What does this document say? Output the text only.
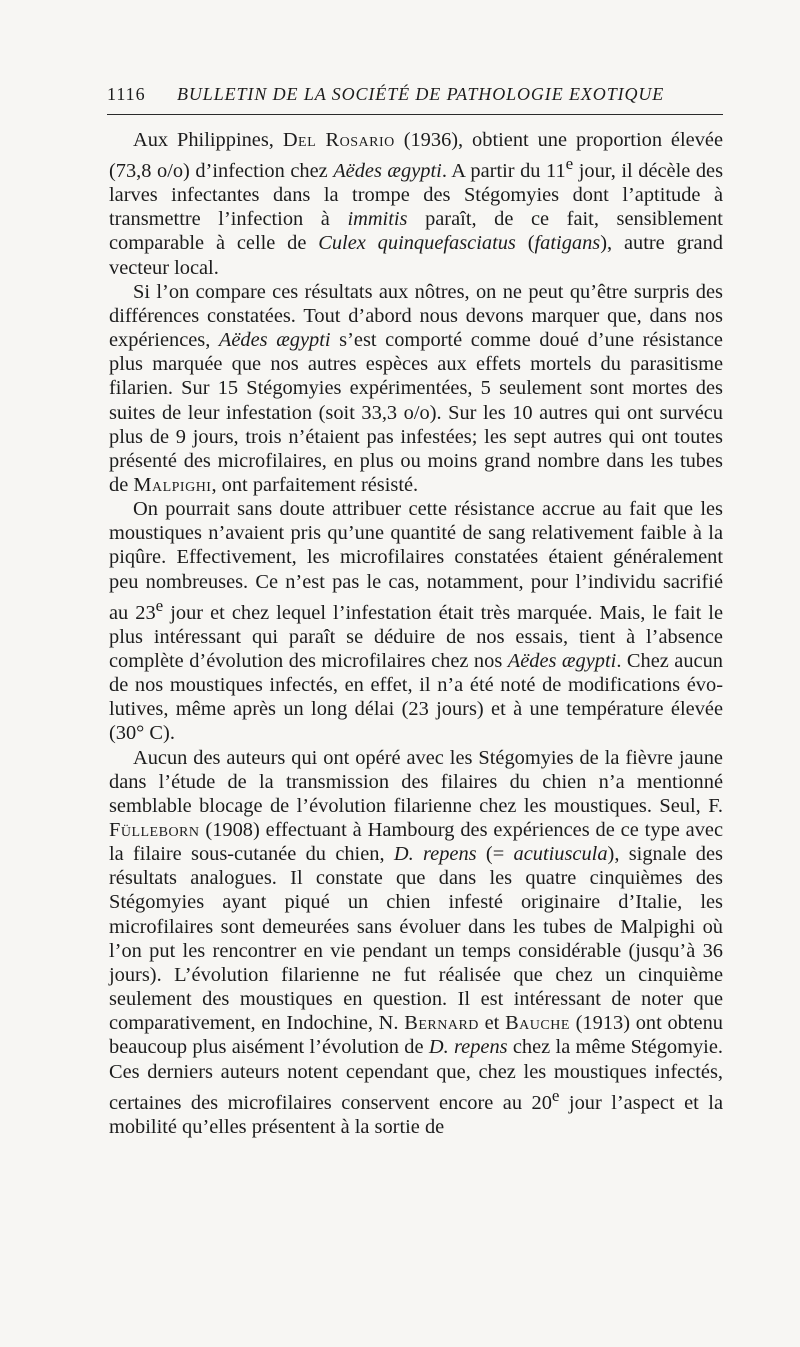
1116 BULLETIN DE LA SOCIÉTÉ DE PATHOLOGIE EXOTIQUE

Aux Philippines, Del Rosario (1936), obtient une proportion élevée (73,8 o/o) d’infection chez Aëdes ægypti. A partir du 11e jour, il décèle des larves infectantes dans la trompe des Stégomyies dont l’aptitude à transmettre l’infection à immitis paraît, de ce fait, sensiblement comparable à celle de Culex quinquefasciatus (fatigans), autre grand vecteur local.

Si l’on compare ces résultats aux nôtres, on ne peut qu’être surpris des différences constatées. Tout d’abord nous devons marquer que, dans nos expériences, Aëdes ægypti s’est comporté comme doué d’une résistance plus marquée que nos autres espèces aux effets mortels du parasitisme filarien. Sur 15 Stégomyies expérimentées, 5 seulement sont mortes des suites de leur infestation (soit 33,3 o/o). Sur les 10 autres qui ont survécu plus de 9 jours, trois n’étaient pas infestées; les sept autres qui ont toutes présenté des microfilaires, en plus ou moins grand nombre dans les tubes de Malpighi, ont parfaitement résisté.

On pourrait sans doute attribuer cette résistance accrue au fait que les moustiques n’avaient pris qu’une quantité de sang relativement faible à la piqûre. Effectivement, les microfilaires constatées étaient généralement peu nombreuses. Ce n’est pas le cas, notamment, pour l’individu sacrifié au 23e jour et chez lequel l’infestation était très marquée. Mais, le fait le plus intéressant qui paraît se déduire de nos essais, tient à l’absence complète d’évolution des microfilaires chez nos Aëdes ægypti. Chez aucun de nos moustiques infectés, en effet, il n’a été noté de modifications évolutives, même après un long délai (23 jours) et à une température élevée (30° C).

Aucun des auteurs qui ont opéré avec les Stégomyies de la fièvre jaune dans l’étude de la transmission des filaires du chien n’a mentionné semblable blocage de l’évolution filarienne chez les moustiques. Seul, F. Fülleborn (1908) effectuant à Hambourg des expériences de ce type avec la filaire sous-cutanée du chien, D. repens (= acutiuscula), signale des résultats analogues. Il constate que dans les quatre cinquièmes des Stégomyies ayant piqué un chien infesté originaire d’Italie, les microfilaires sont demeurées sans évoluer dans les tubes de Malpighi où l’on put les rencontrer en vie pendant un temps considérable (jusqu’à 36 jours). L’évolution filarienne ne fut réalisée que chez un cinquième seulement des moustiques en question. Il est intéressant de noter que comparativement, en Indochine, N. Bernard et Bauche (1913) ont obtenu beaucoup plus aisément l’évolution de D. repens chez la même Stégomyie. Ces derniers auteurs notent cependant que, chez les moustiques infectés, certaines des microfilaires conservent encore au 20e jour l’aspect et la mobilité qu’elles présentent à la sortie de
